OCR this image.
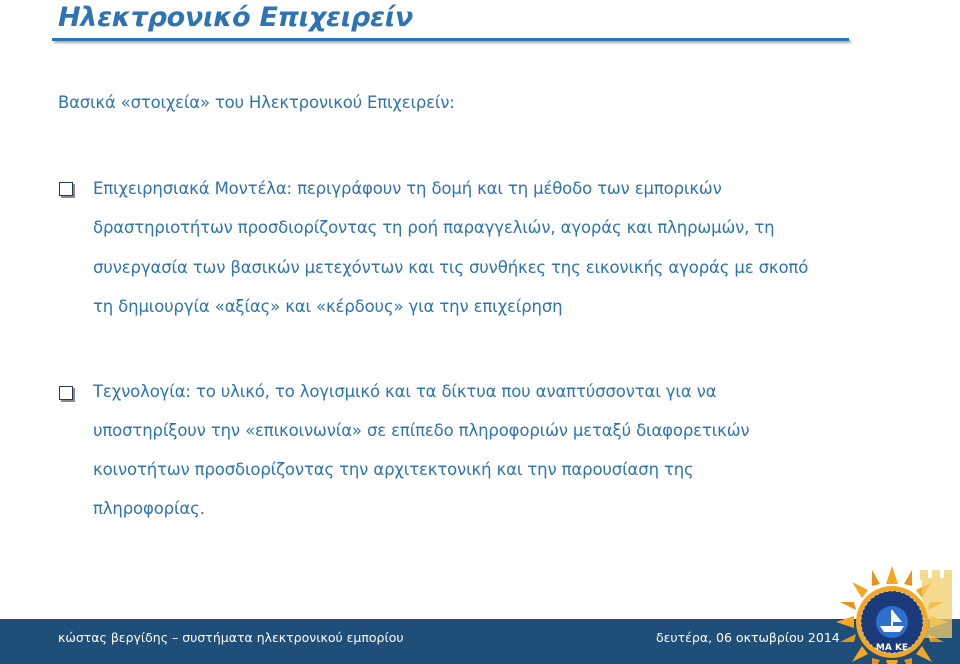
Ηλεκτρονικό Επιχειρείν
Βασικά «στοιχεία» του Ηλεκτρονικού Επιχειρείν:
Επιχειρησιακά Μοντέλα: περιγράφουν τη δομή και τη μέθοδο των εμπορικών
δραστηριοτήτων προσδιορίζοντας τη ροή παραγγελιών, αγοράς και πληρωμών, τη
συνεργασία των βασικών μετεχόντων και τις συνθήκες της εικονικής αγοράς με σκοπό
τη δημιουργία «αξίας» και «κέρδους» για την επιχείρηση
Τεχνολογία: το υλικό, το λογισμικό και τα δίκτυα που αναπτύσσονται για να
υποστηρίξουν την «επικοινωνία» σε επίπεδο πληροφοριών μεταξύ διαφορετικών
κοινοτήτων προσδιορίζοντας την αρχιτεκτονική και την παρουσίαση της
πληροφορίας.
κώστας βεργίδης – συστήματα ηλεκτρονικού εμπορίου	δευτέρα, 06 οκτωβρίου 2014
ΜΑ ΚΕ
